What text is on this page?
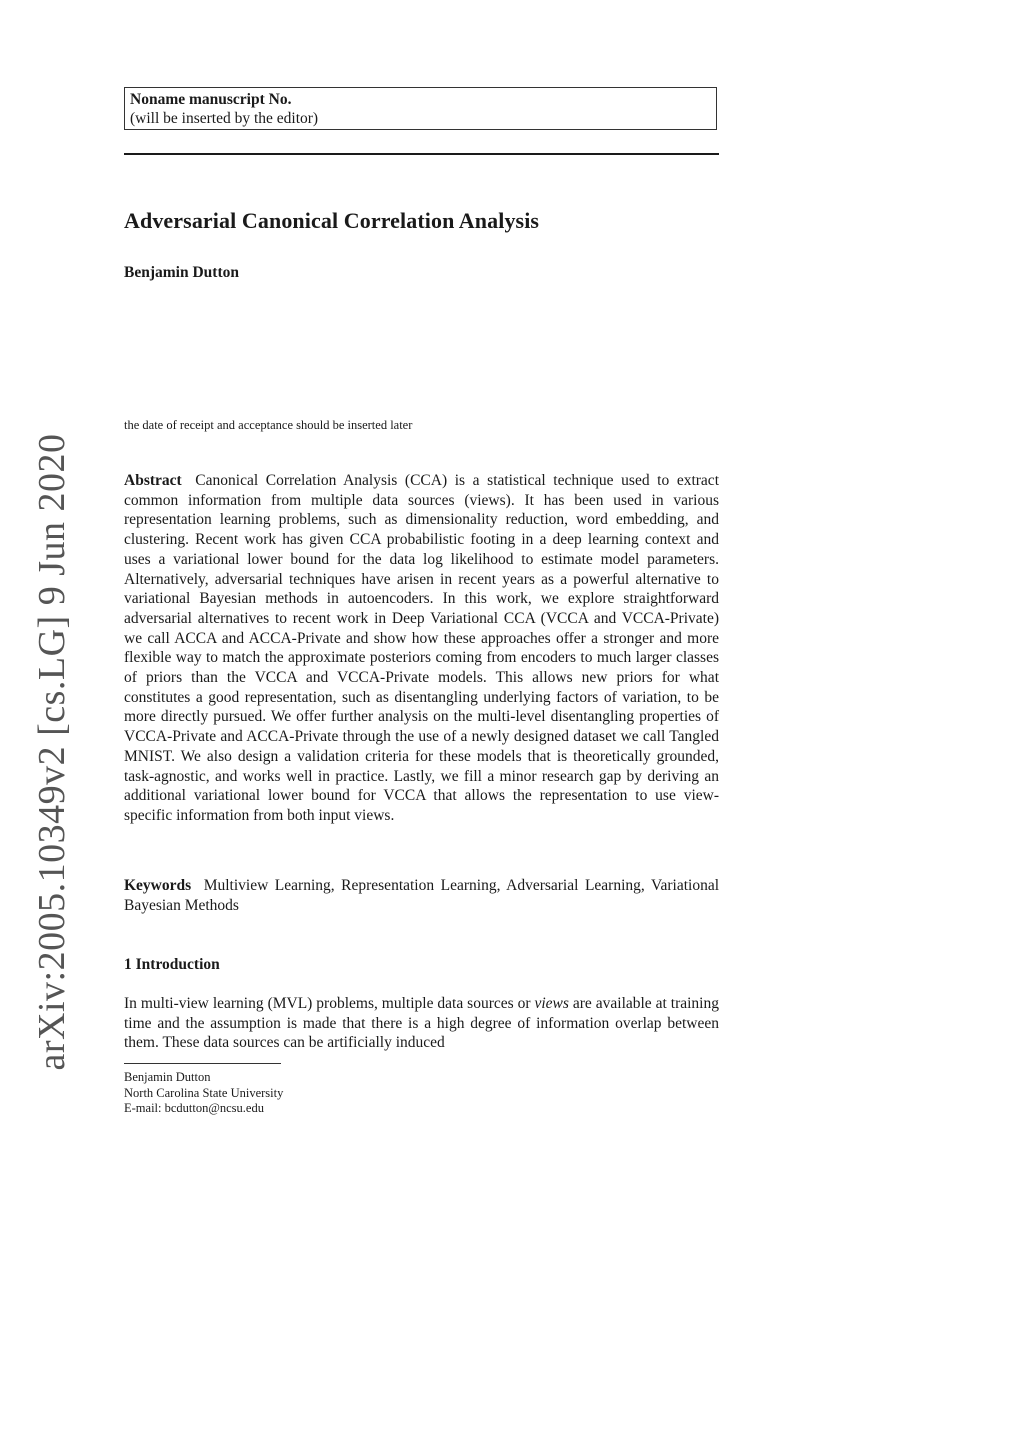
Noname manuscript No.
(will be inserted by the editor)
Adversarial Canonical Correlation Analysis
Benjamin Dutton
the date of receipt and acceptance should be inserted later
Abstract Canonical Correlation Analysis (CCA) is a statistical technique used to extract common information from multiple data sources (views). It has been used in various representation learning problems, such as dimensionality reduction, word embedding, and clustering. Recent work has given CCA probabilistic footing in a deep learning context and uses a variational lower bound for the data log likelihood to estimate model parameters. Alternatively, adversarial techniques have arisen in recent years as a powerful alternative to variational Bayesian methods in autoencoders. In this work, we explore straightforward adversarial alternatives to recent work in Deep Variational CCA (VCCA and VCCA-Private) we call ACCA and ACCA-Private and show how these approaches offer a stronger and more flexible way to match the approximate posteriors coming from encoders to much larger classes of priors than the VCCA and VCCA-Private models. This allows new priors for what constitutes a good representation, such as disentangling underlying factors of variation, to be more directly pursued. We offer further analysis on the multi-level disentangling properties of VCCA-Private and ACCA-Private through the use of a newly designed dataset we call Tangled MNIST. We also design a validation criteria for these models that is theoretically grounded, task-agnostic, and works well in practice. Lastly, we fill a minor research gap by deriving an additional variational lower bound for VCCA that allows the representation to use view-specific information from both input views.
Keywords Multiview Learning, Representation Learning, Adversarial Learning, Variational Bayesian Methods
1 Introduction
In multi-view learning (MVL) problems, multiple data sources or views are available at training time and the assumption is made that there is a high degree of information overlap between them. These data sources can be artificially induced
Benjamin Dutton
North Carolina State University
E-mail: bcdutton@ncsu.edu
arXiv:2005.10349v2 [cs.LG] 9 Jun 2020
